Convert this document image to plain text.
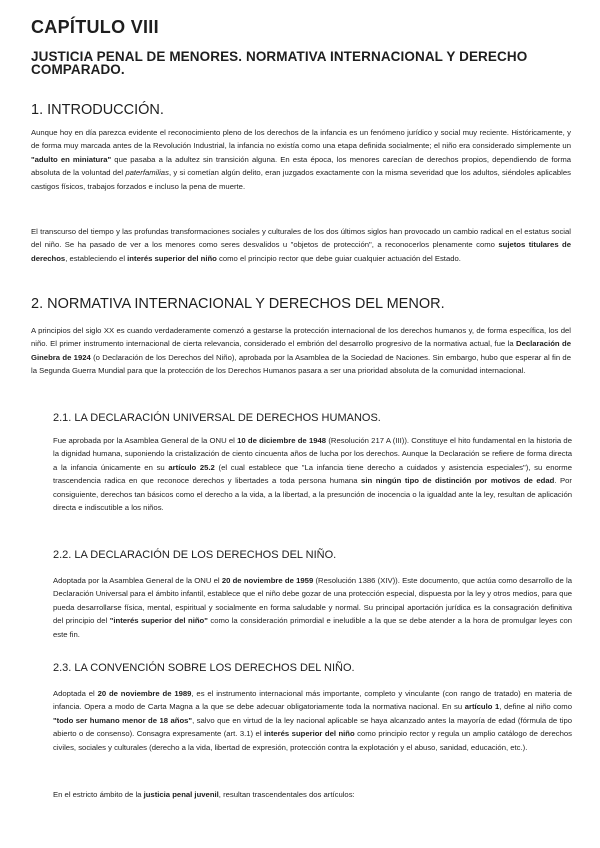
CAPÍTULO VIII
JUSTICIA PENAL DE MENORES. NORMATIVA INTERNACIONAL Y DERECHO COMPARADO.
1. INTRODUCCIÓN.

Aunque hoy en día parezca evidente el reconocimiento pleno de los derechos de la infancia es un fenómeno jurídico y social muy reciente. Históricamente, y de forma muy marcada antes de la Revolución Industrial, la infancia no existía como una etapa definida socialmente; el niño era considerado simplemente un "adulto en miniatura" que pasaba a la adultez sin transición alguna. En esta época, los menores carecían de derechos propios, dependiendo de forma absoluta de la voluntad del paterfamilias, y si cometían algún delito, eran juzgados exactamente con la misma severidad que los adultos, siéndoles aplicables castigos físicos, trabajos forzados e incluso la pena de muerte.

El transcurso del tiempo y las profundas transformaciones sociales y culturales de los dos últimos siglos han provocado un cambio radical en el estatus social del niño. Se ha pasado de ver a los menores como seres desvalidos u "objetos de protección", a reconocerlos plenamente como sujetos titulares de derechos, estableciendo el interés superior del niño como el principio rector que debe guiar cualquier actuación del Estado.

2. NORMATIVA INTERNACIONAL Y DERECHOS DEL MENOR.

A principios del siglo XX es cuando verdaderamente comenzó a gestarse la protección internacional de los derechos humanos y, de forma específica, los del niño. El primer instrumento internacional de cierta relevancia, considerado el embrión del desarrollo progresivo de la normativa actual, fue la Declaración de Ginebra de 1924 (o Declaración de los Derechos del Niño), aprobada por la Asamblea de la Sociedad de Naciones. Sin embargo, hubo que esperar al fin de la Segunda Guerra Mundial para que la protección de los Derechos Humanos pasara a ser una prioridad absoluta de la comunidad internacional.

2.1. LA DECLARACIÓN UNIVERSAL DE DERECHOS HUMANOS.

Fue aprobada por la Asamblea General de la ONU el 10 de diciembre de 1948 (Resolución 217 A (III)). Constituye el hito fundamental en la historia de la dignidad humana, suponiendo la cristalización de ciento cincuenta años de lucha por los derechos. Aunque la Declaración se refiere de forma directa a la infancia únicamente en su artículo 25.2 (el cual establece que "La infancia tiene derecho a cuidados y asistencia especiales"), su enorme trascendencia radica en que reconoce derechos y libertades a toda persona humana sin ningún tipo de distinción por motivos de edad. Por consiguiente, derechos tan básicos como el derecho a la vida, a la libertad, a la presunción de inocencia o la igualdad ante la ley, resultan de aplicación directa e indiscutible a los niños.

2.2. LA DECLARACIÓN DE LOS DERECHOS DEL NIÑO.

Adoptada por la Asamblea General de la ONU el 20 de noviembre de 1959 (Resolución 1386 (XIV)). Este documento, que actúa como desarrollo de la Declaración Universal para el ámbito infantil, establece que el niño debe gozar de una protección especial, dispuesta por la ley y otros medios, para que pueda desarrollarse física, mental, espiritual y socialmente en forma saludable y normal. Su principal aportación jurídica es la consagración definitiva del principio del "interés superior del niño" como la consideración primordial e ineludible a la que se debe atender a la hora de promulgar leyes con este fin.

2.3. LA CONVENCIÓN SOBRE LOS DERECHOS DEL NIÑO.

Adoptada el 20 de noviembre de 1989, es el instrumento internacional más importante, completo y vinculante (con rango de tratado) en materia de infancia. Opera a modo de Carta Magna a la que se debe adecuar obligatoriamente toda la normativa nacional. En su artículo 1, define al niño como "todo ser humano menor de 18 años", salvo que en virtud de la ley nacional aplicable se haya alcanzado antes la mayoría de edad (fórmula de tipo abierto o de consenso). Consagra expresamente (art. 3.1) el interés superior del niño como principio rector y regula un amplio catálogo de derechos civiles, sociales y culturales (derecho a la vida, libertad de expresión, protección contra la explotación y el abuso, sanidad, educación, etc.).

En el estricto ámbito de la justicia penal juvenil, resultan trascendentales dos artículos:
